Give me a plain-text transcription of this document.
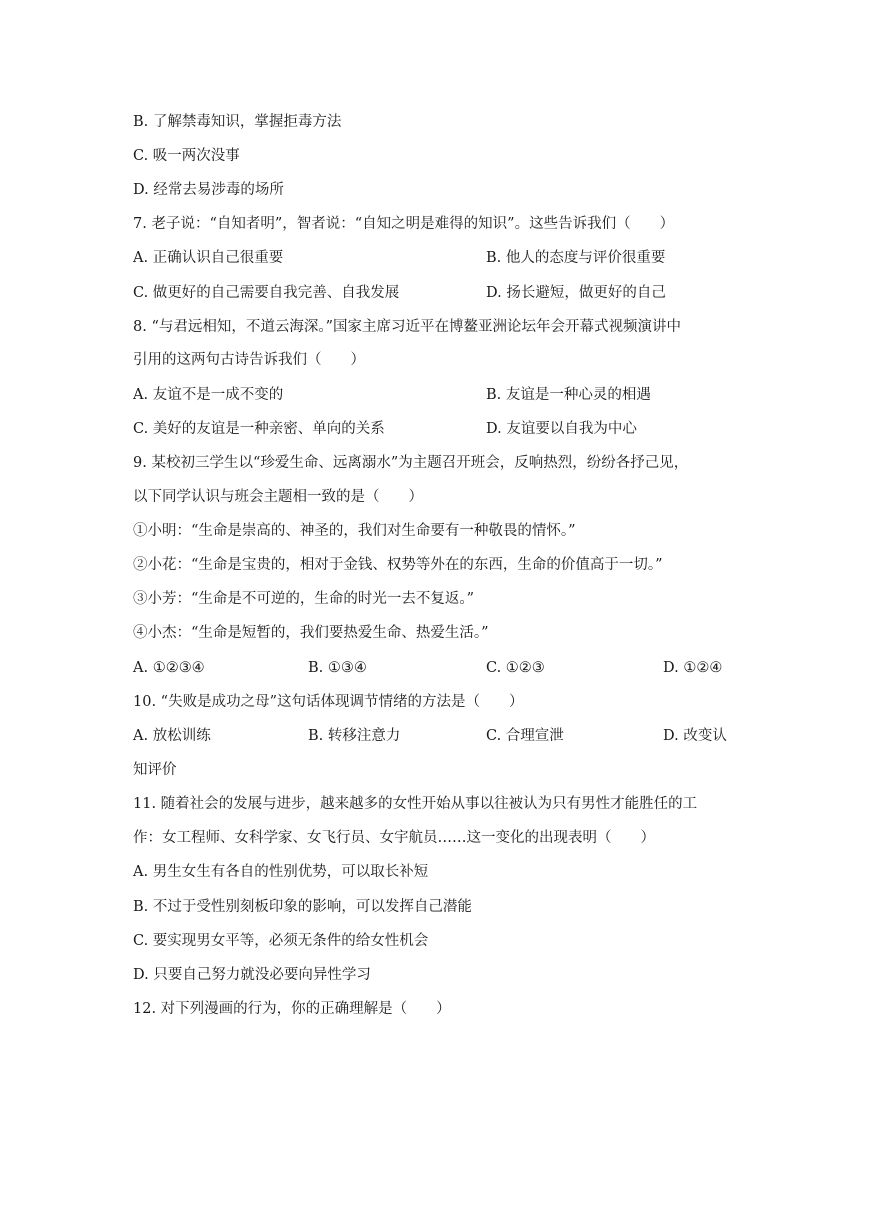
B. 了解禁毒知识，掌握拒毒方法
C. 吸一两次没事
D. 经常去易涉毒的场所
7. 老子说：“自知者明”，智者说：“自知之明是难得的知识”。这些告诉我们（　　）
A. 正确认识自己很重要	B. 他人的态度与评价很重要
C. 做更好的自己需要自我完善、自我发展	D. 扬长避短，做更好的自己
8. “与君远相知，不道云海深。”国家主席习近平在博鳌亚洲论坛年会开幕式视频演讲中
引用的这两句古诗告诉我们（　　）
A. 友谊不是一成不变的	B. 友谊是一种心灵的相遇
C. 美好的友谊是一种亲密、单向的关系	D. 友谊要以自我为中心
9. 某校初三学生以“珍爱生命、远离溺水”为主题召开班会，反响热烈，纷纷各抒己见，
以下同学认识与班会主题相一致的是（　　）
①小明：“生命是崇高的、神圣的，我们对生命要有一种敬畏的情怀。”
②小花：“生命是宝贵的，相对于金钱、权势等外在的东西，生命的价值高于一切。”
③小芳：“生命是不可逆的，生命的时光一去不复返。”
④小杰：“生命是短暂的，我们要热爱生命、热爱生活。”
A. ①②③④	B. ①③④	C. ①②③	D. ①②④
10. “失败是成功之母”这句话体现调节情绪的方法是（　　）
A. 放松训练	B. 转移注意力	C. 合理宣泄	D. 改变认
知评价
11. 随着社会的发展与进步，越来越多的女性开始从事以往被认为只有男性才能胜任的工
作：女工程师、女科学家、女飞行员、女宇航员……这一变化的出现表明（　　）
A. 男生女生有各自的性别优势，可以取长补短
B. 不过于受性别刻板印象的影响，可以发挥自己潜能
C. 要实现男女平等，必须无条件的给女性机会
D. 只要自己努力就没必要向异性学习
12. 对下列漫画的行为，你的正确理解是（　　）
